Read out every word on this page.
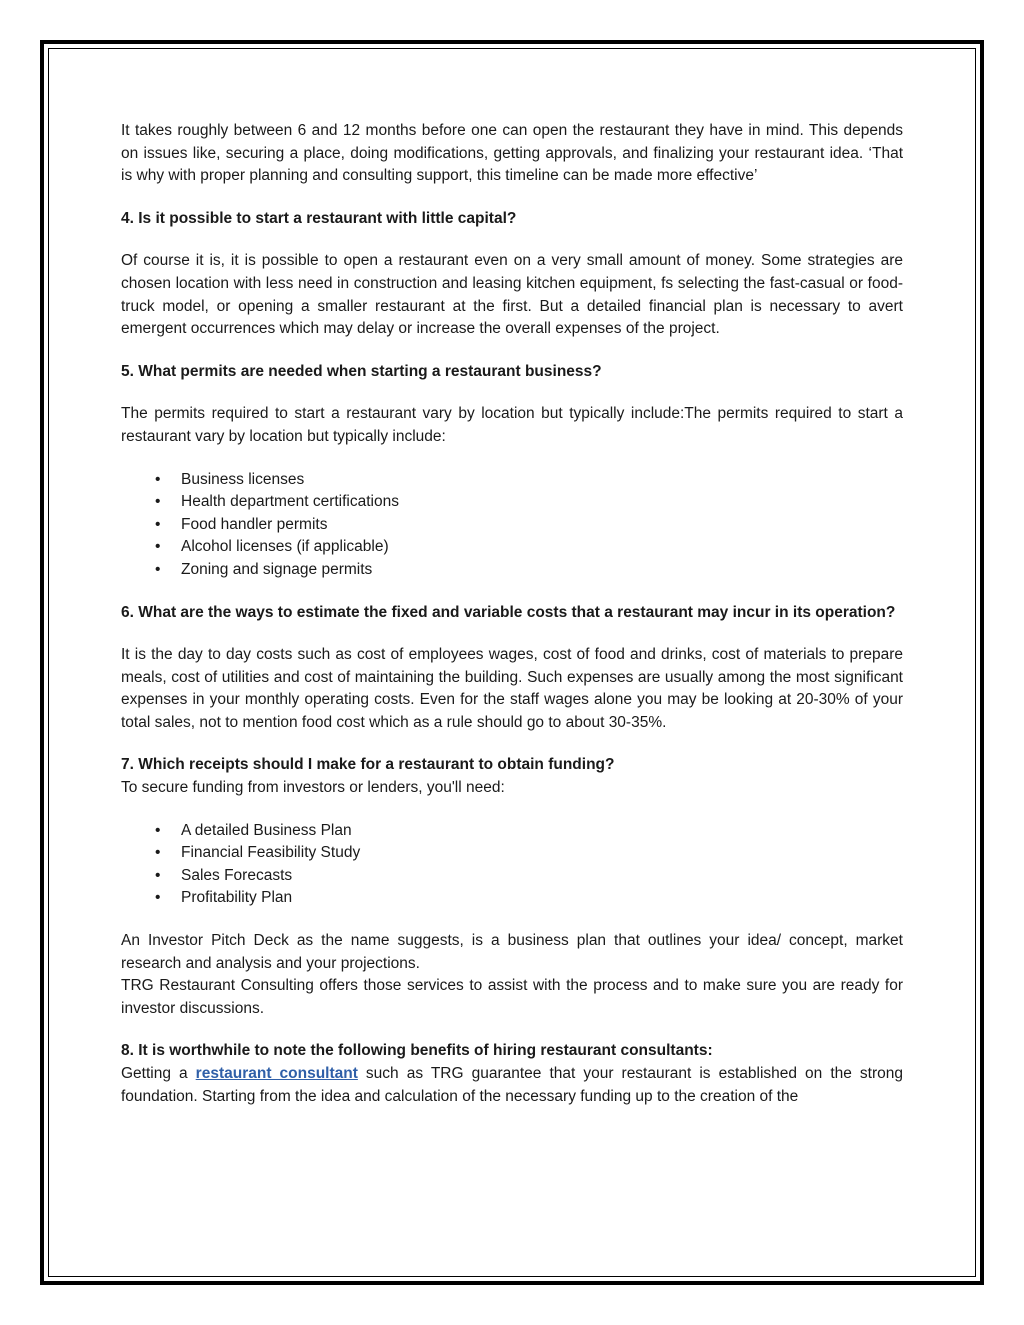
It takes roughly between 6 and 12 months before one can open the restaurant they have in mind. This depends on issues like, securing a place, doing modifications, getting approvals, and finalizing your restaurant idea. ‘That is why with proper planning and consulting support, this timeline can be made more effective’

4. Is it possible to start a restaurant with little capital?

Of course it is, it is possible to open a restaurant even on a very small amount of money. Some strategies are chosen location with less need in construction and leasing kitchen equipment, fs selecting the fast-casual or food-truck model, or opening a smaller restaurant at the first. But a detailed financial plan is necessary to avert emergent occurrences which may delay or increase the overall expenses of the project.

5. What permits are needed when starting a restaurant business?

The permits required to start a restaurant vary by location but typically include:The permits required to start a restaurant vary by location but typically include:

• Business licenses
• Health department certifications
• Food handler permits
• Alcohol licenses (if applicable)
• Zoning and signage permits
6. What are the ways to estimate the fixed and variable costs that a restaurant may incur in its operation?

It is the day to day costs such as cost of employees wages, cost of food and drinks, cost of materials to prepare meals, cost of utilities and cost of maintaining the building. Such expenses are usually among the most significant expenses in your monthly operating costs. Even for the staff wages alone you may be looking at 20-30% of your total sales, not to mention food cost which as a rule should go to about 30-35%.

7. Which receipts should I make for a restaurant to obtain funding?

To secure funding from investors or lenders, you'll need:

• A detailed Business Plan
• Financial Feasibility Study
• Sales Forecasts
• Profitability Plan

An Investor Pitch Deck as the name suggests, is a business plan that outlines your idea/ concept, market research and analysis and your projections.

TRG Restaurant Consulting offers those services to assist with the process and to make sure you are ready for investor discussions.

8. It is worthwhile to note the following benefits of hiring restaurant consultants:

Getting a restaurant consultant such as TRG guarantee that your restaurant is established on the strong foundation. Starting from the idea and calculation of the necessary funding up to the creation of the
